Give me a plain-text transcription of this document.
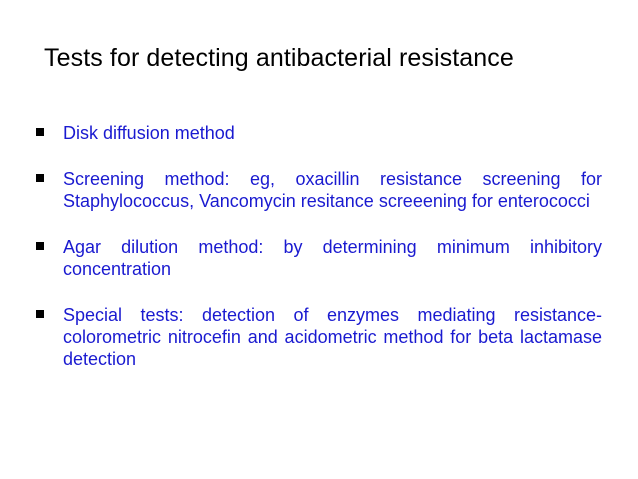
Tests for detecting antibacterial resistance
Disk diffusion method
Screening method: eg, oxacillin resistance screening for Staphylococcus, Vancomycin resitance screeening for enterococci
Agar dilution method: by determining minimum inhibitory concentration
Special tests: detection of enzymes mediating resistance- colorometric nitrocefin and acidometric method for beta lactamase detection
